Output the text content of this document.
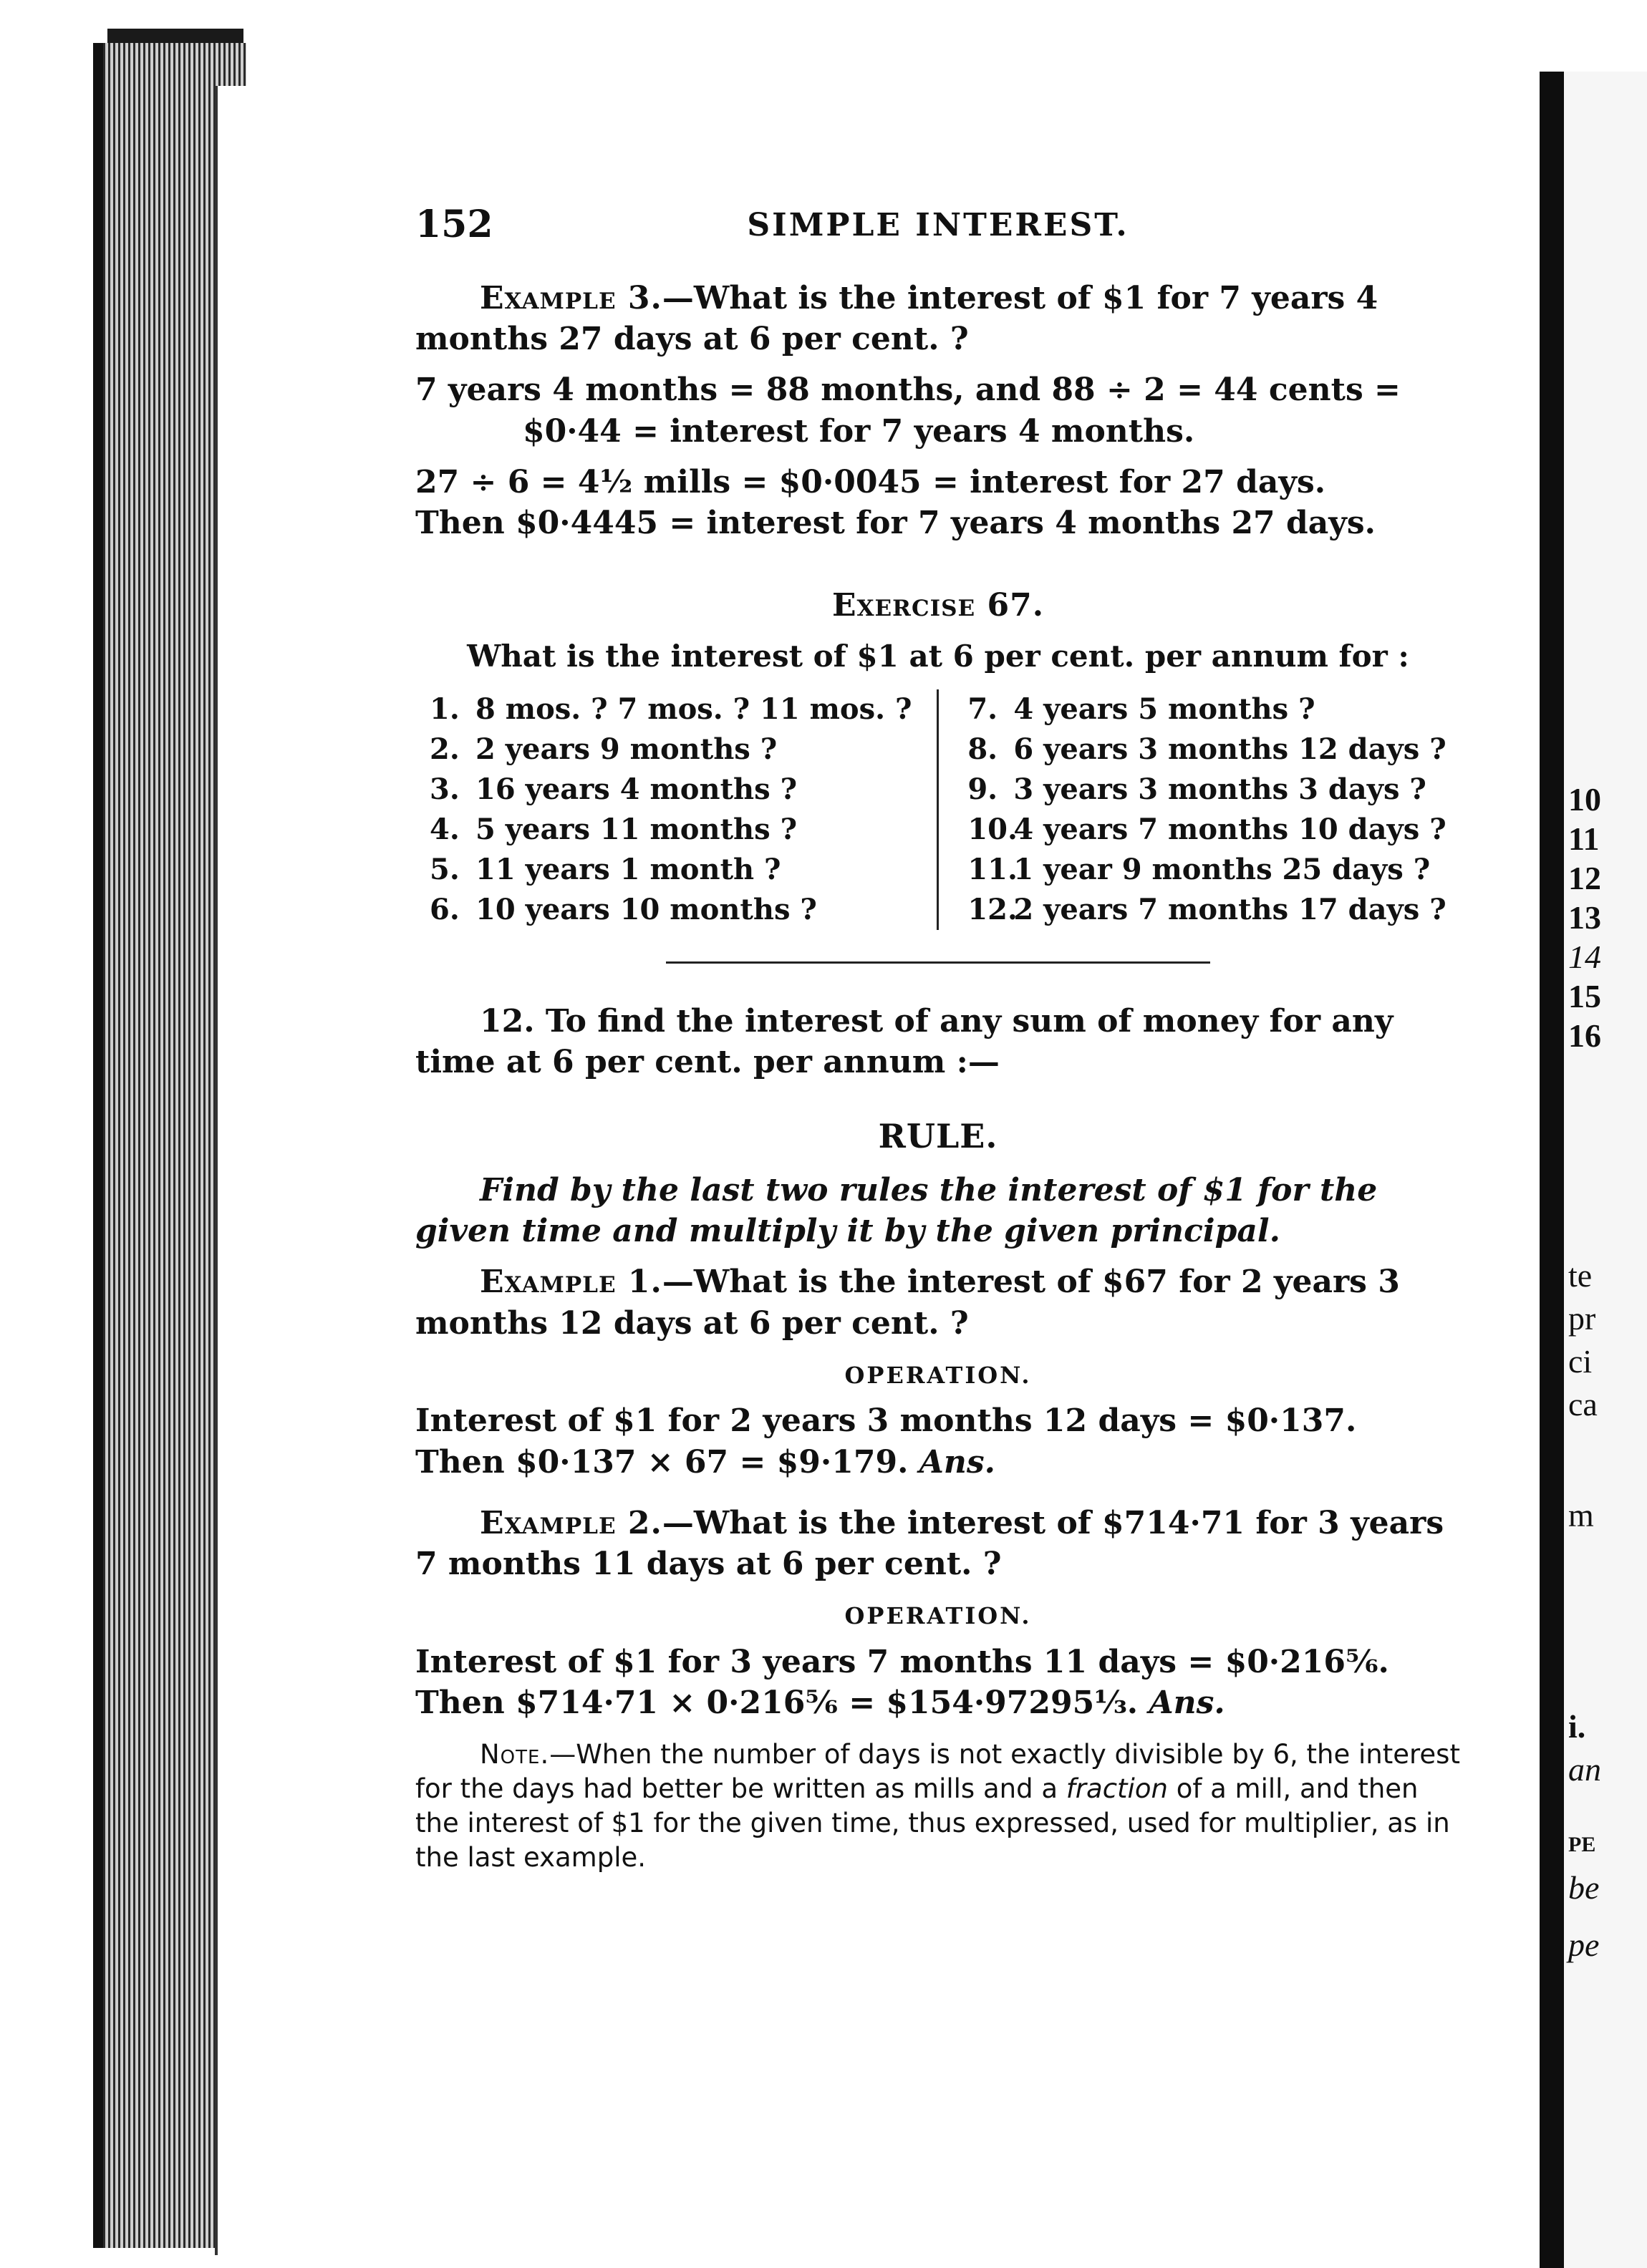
10
11
12
13
14
15
16
te
pr
ci
ca
m
i.
an
PE
be
pe
152	SIMPLE INTEREST.

Example 3.—What is the interest of $1 for 7 years 4 months 27 days at 6 per cent. ?

7 years 4 months = 88 months, and 88 ÷ 2 = 44 cents =

$0·44 = interest for 7 years 4 months.

27 ÷ 6 = 4½ mills = $0·0045 = interest for 27 days.

Then $0·4445 = interest for 7 years 4 months 27 days.

Exercise 67.

What is the interest of $1 at 6 per cent. per annum for :

1. 8 mos. ? 7 mos. ? 11 mos. ?
2. 2 years 9 months ?
3. 16 years 4 months ?
4. 5 years 11 months ?
5. 11 years 1 month ?
6. 10 years 10 months ?
7. 4 years 5 months ?
8. 6 years 3 months 12 days ?
9. 3 years 3 months 3 days ?
10.4 years 7 months 10 days ?
11.1 year 9 months 25 days ?
12.2 years 7 months 17 days ?

12. To find the interest of any sum of money for any time at 6 per cent. per annum :—

RULE.

Find by the last two rules the interest of $1 for the given time and multiply it by the given principal.

Example 1.—What is the interest of $67 for 2 years 3 months 12 days at 6 per cent. ?

OPERATION.

Interest of $1 for 2 years 3 months 12 days = $0·137.

Then $0·137 × 67 = $9·179. Ans.

Example 2.—What is the interest of $714·71 for 3 years 7 months 11 days at 6 per cent. ?

OPERATION.

Interest of $1 for 3 years 7 months 11 days = $0·216⅚.

Then $714·71 × 0·216⅚ = $154·97295⅓. Ans.

Note.—When the number of days is not exactly divisible by 6, the interest for the days had better be written as mills and a fraction of a mill, and then the interest of $1 for the given time, thus expressed, used for multiplier, as in the last example.
